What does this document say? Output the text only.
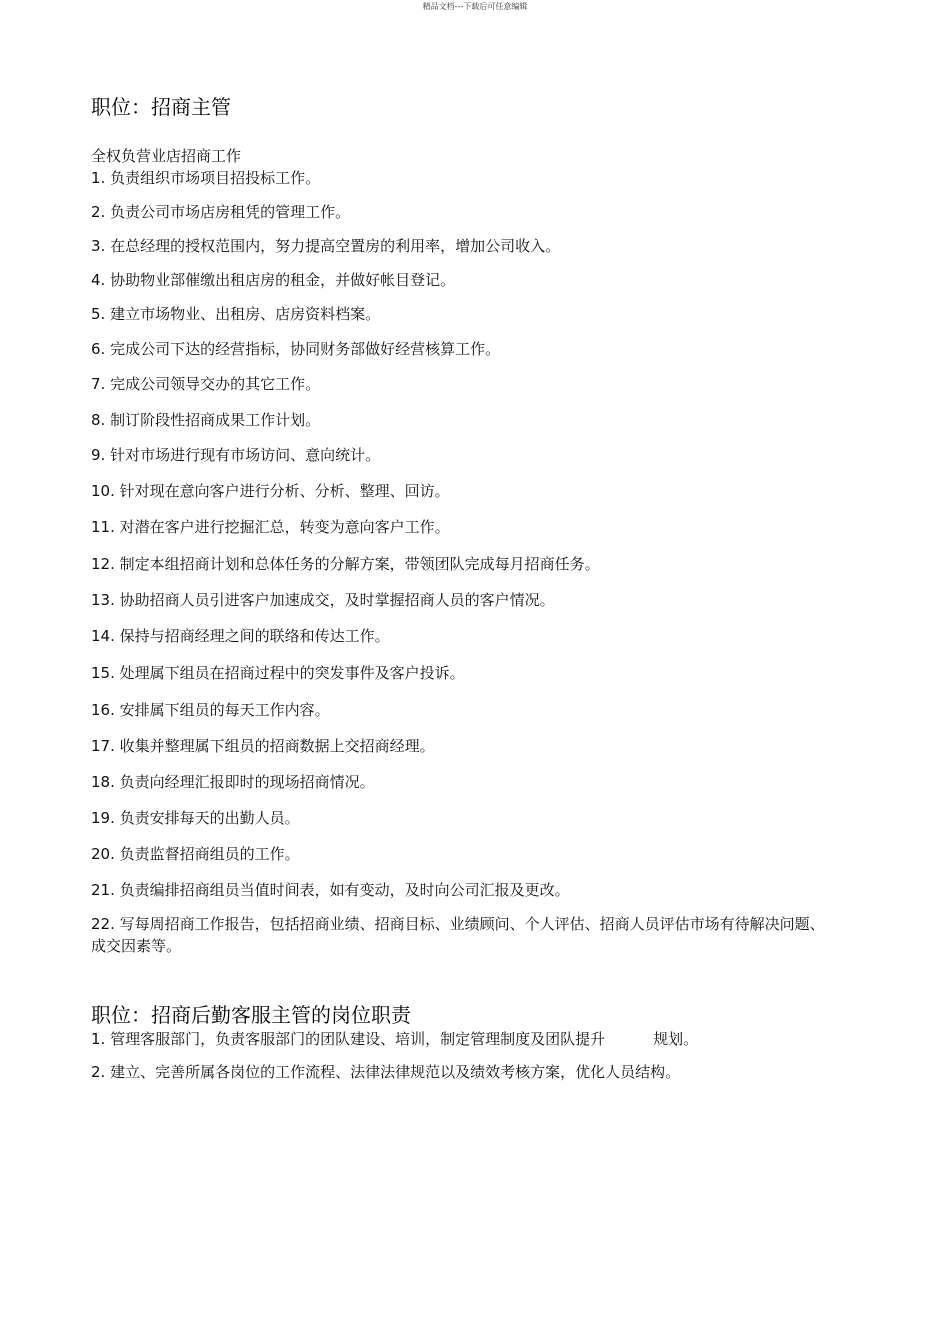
精品文档---下载后可任意编辑
职位：招商主管
全权负营业店招商工作
1. 负责组织市场项目招投标工作。
2. 负责公司市场店房租凭的管理工作。
3. 在总经理的授权范围内，努力提高空置房的利用率，增加公司收入。
4. 协助物业部催缴出租店房的租金，并做好帐目登记。
5. 建立市场物业、出租房、店房资料档案。
6. 完成公司下达的经营指标，协同财务部做好经营核算工作。
7. 完成公司领导交办的其它工作。
8. 制订阶段性招商成果工作计划。
9. 针对市场进行现有市场访问、意向统计。
10. 针对现在意向客户进行分析、分析、整理、回访。
11. 对潜在客户进行挖掘汇总，转变为意向客户工作。
12. 制定本组招商计划和总体任务的分解方案，带领团队完成每月招商任务。
13. 协助招商人员引进客户加速成交，及时掌握招商人员的客户情况。
14. 保持与招商经理之间的联络和传达工作。
15. 处理属下组员在招商过程中的突发事件及客户投诉。
16. 安排属下组员的每天工作内容。
17. 收集并整理属下组员的招商数据上交招商经理。
18. 负责向经理汇报即时的现场招商情况。
19. 负责安排每天的出勤人员。
20. 负责监督招商组员的工作。
21. 负责编排招商组员当值时间表，如有变动，及时向公司汇报及更改。
22. 写每周招商工作报告，包括招商业绩、招商目标、业绩顾问、个人评估、招商人员评估市场有待解决问题、成交因素等。
职位：招商后勤客服主管的岗位职责
1. 管理客服部门，负责客服部门的团队建设、培训，制定管理制度及团队提升	规划。
2. 建立、完善所属各岗位的工作流程、法律法律规范以及绩效考核方案，优化人员结构。
